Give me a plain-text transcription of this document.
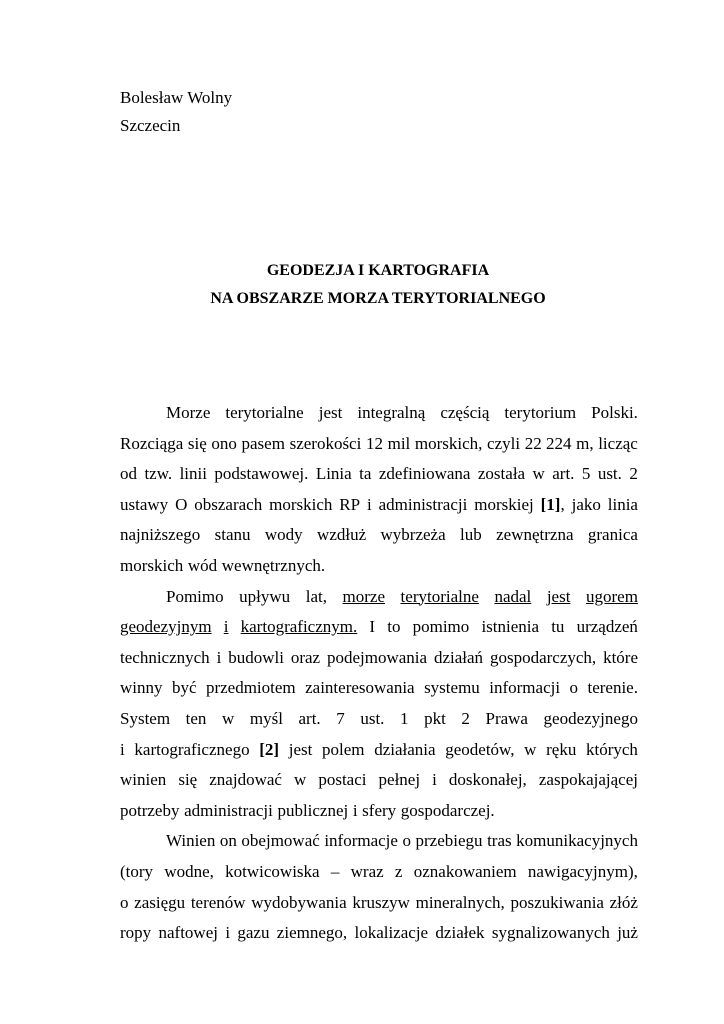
Bolesław Wolny
Szczecin
GEODEZJA I KARTOGRAFIA
NA OBSZARZE MORZA TERYTORIALNEGO
Morze terytorialne jest integralną częścią terytorium Polski.
Rozciąga się ono pasem szerokości 12 mil morskich, czyli 22 224 m, licząc
od tzw. linii podstawowej. Linia ta zdefiniowana została w art. 5 ust. 2
ustawy O obszarach morskich RP i administracji morskiej [1], jako linia
najniższego stanu wody wzdłuż wybrzeża lub zewnętrzna granica
morskich wód wewnętrznych.
Pomimo upływu lat, morze terytorialne nadal jest ugorem
geodezyjnym i kartograficznym. I to pomimo istnienia tu urządzeń
technicznych i budowli oraz podejmowania działań gospodarczych, które
winny być przedmiotem zainteresowania systemu informacji o terenie.
System ten w myśl art. 7 ust. 1 pkt 2 Prawa geodezyjnego
i kartograficznego [2] jest polem działania geodetów, w ręku których
winien się znajdować w postaci pełnej i doskonałej, zaspokajającej
potrzeby administracji publicznej i sfery gospodarczej.
Winien on obejmować informacje o przebiegu tras komunikacyjnych
(tory wodne, kotwicowiska – wraz z oznakowaniem nawigacyjnym),
o zasięgu terenów wydobywania kruszyw mineralnych, poszukiwania złóż
ropy naftowej i gazu ziemnego, lokalizacje działek sygnalizowanych już
